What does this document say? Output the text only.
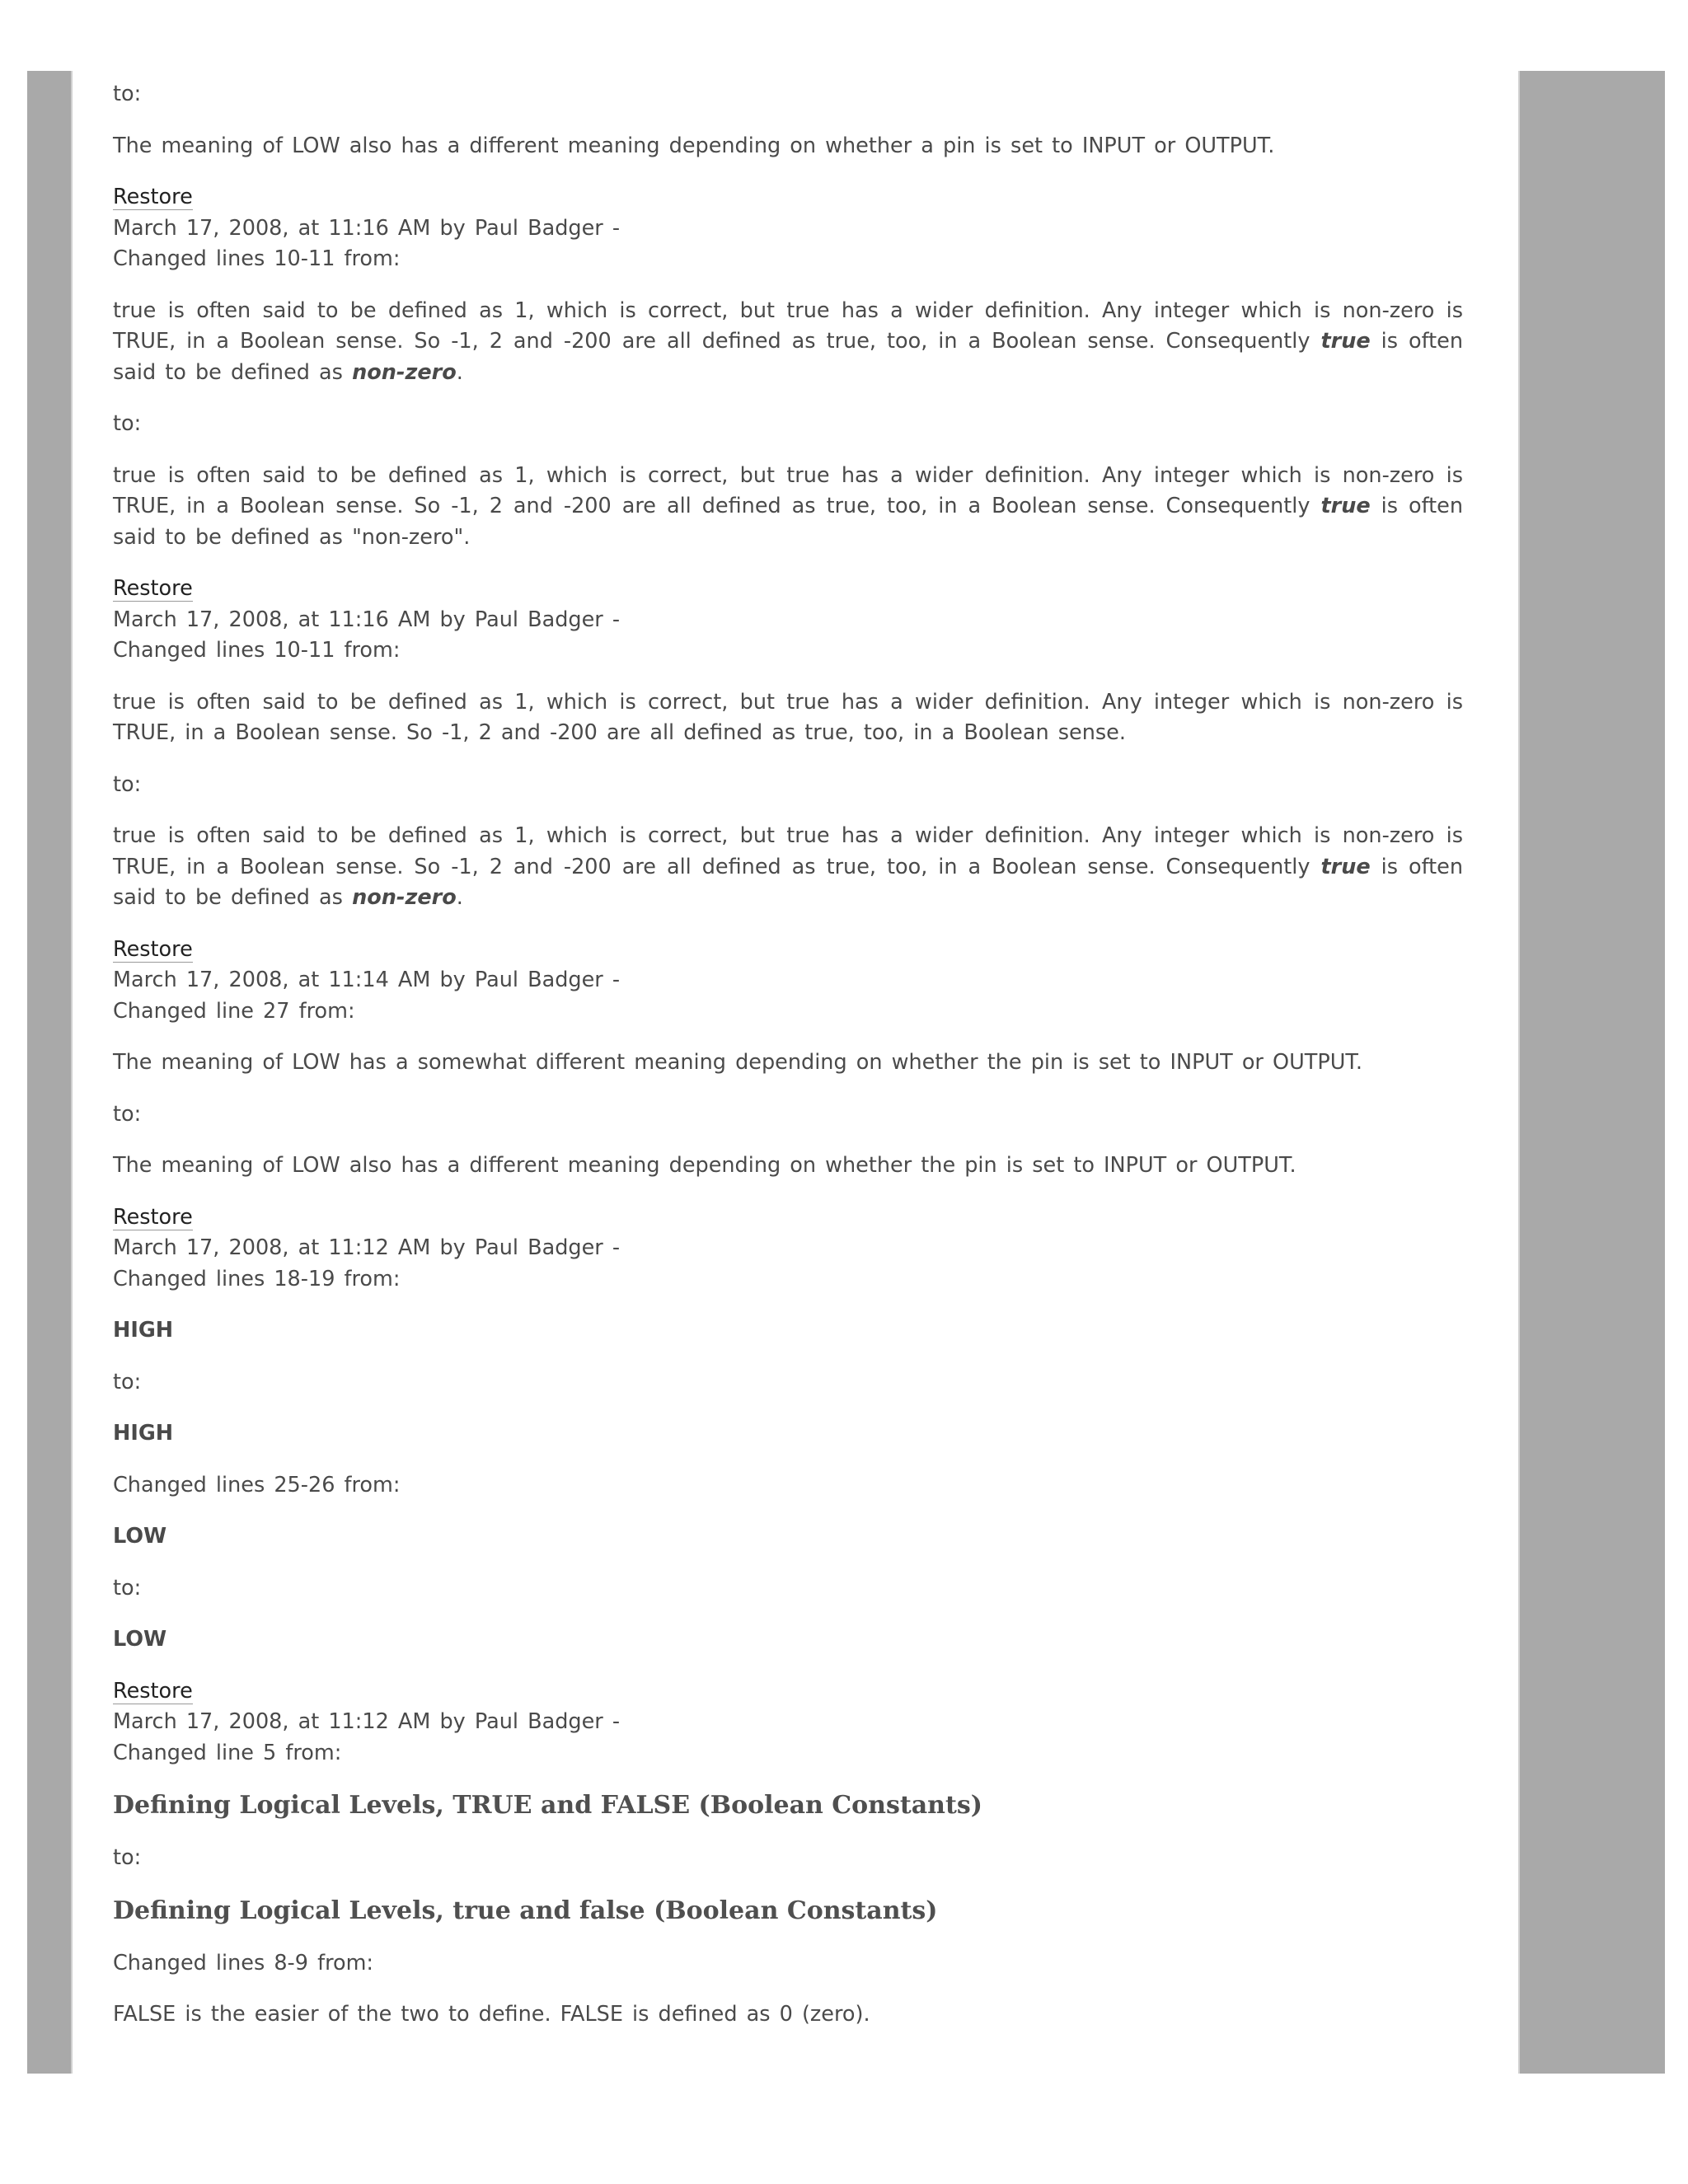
to:

The meaning of LOW also has a different meaning depending on whether a pin is set to INPUT or OUTPUT.

Restore
March 17, 2008, at 11:16 AM by Paul Badger -
Changed lines 10-11 from:

true is often said to be defined as 1, which is correct, but true has a wider definition. Any integer which is non-zero is TRUE, in a Boolean sense. So -1, 2 and -200 are all defined as true, too, in a Boolean sense. Consequently true is often said to be defined as non-zero.

to:

true is often said to be defined as 1, which is correct, but true has a wider definition. Any integer which is non-zero is TRUE, in a Boolean sense. So -1, 2 and -200 are all defined as true, too, in a Boolean sense. Consequently true is often said to be defined as "non-zero".

Restore
March 17, 2008, at 11:16 AM by Paul Badger -
Changed lines 10-11 from:

true is often said to be defined as 1, which is correct, but true has a wider definition. Any integer which is non-zero is TRUE, in a Boolean sense. So -1, 2 and -200 are all defined as true, too, in a Boolean sense.

to:

true is often said to be defined as 1, which is correct, but true has a wider definition. Any integer which is non-zero is TRUE, in a Boolean sense. So -1, 2 and -200 are all defined as true, too, in a Boolean sense. Consequently true is often said to be defined as non-zero.

Restore
March 17, 2008, at 11:14 AM by Paul Badger -
Changed line 27 from:

The meaning of LOW has a somewhat different meaning depending on whether the pin is set to INPUT or OUTPUT.

to:

The meaning of LOW also has a different meaning depending on whether the pin is set to INPUT or OUTPUT.

Restore
March 17, 2008, at 11:12 AM by Paul Badger -
Changed lines 18-19 from:

HIGH

to:

HIGH

Changed lines 25-26 from:

LOW

to:

LOW

Restore
March 17, 2008, at 11:12 AM by Paul Badger -
Changed line 5 from:
Defining Logical Levels, TRUE and FALSE (Boolean Constants)

to:

Defining Logical Levels, true and false (Boolean Constants)

Changed lines 8-9 from:

FALSE is the easier of the two to define. FALSE is defined as 0 (zero).
